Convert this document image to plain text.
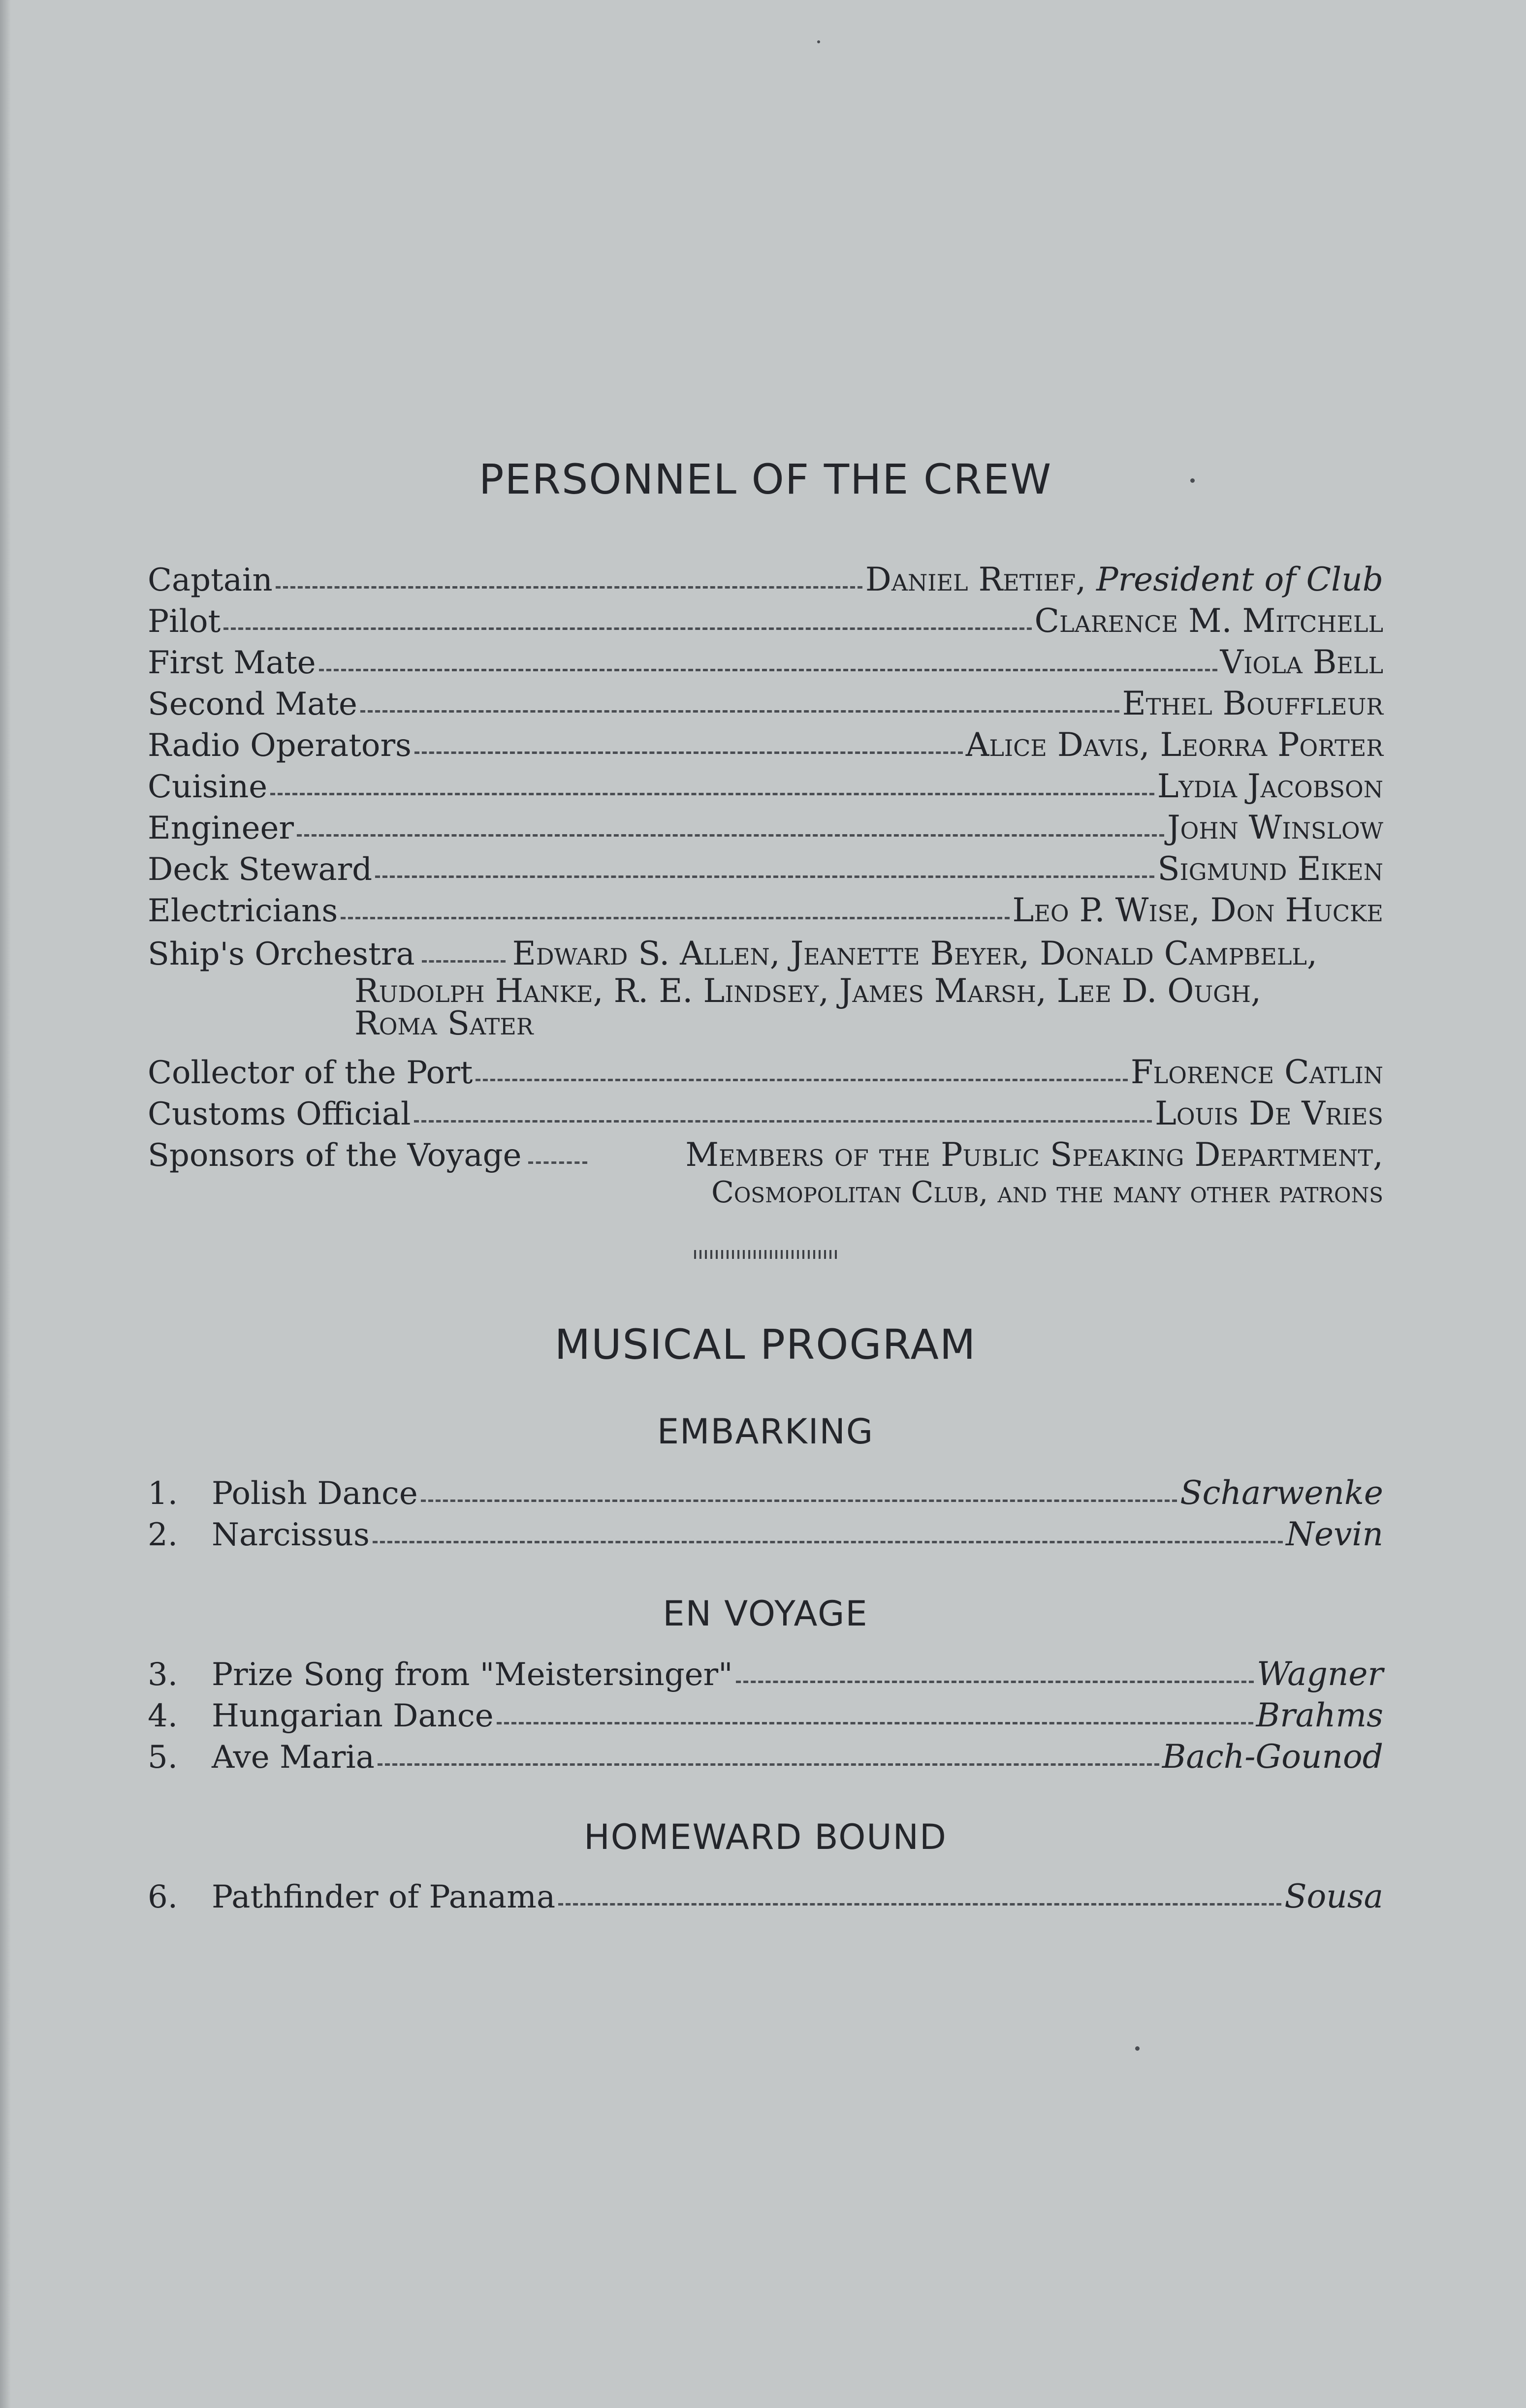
PERSONNEL OF THE CREW
Captain	Daniel Retief, President of Club
Pilot	Clarence M. Mitchell
First Mate	Viola Bell
Second Mate	Ethel Bouffleur
Radio Operators	Alice Davis, Leorra Porter
Cuisine	Lydia Jacobson
Engineer	John Winslow
Deck Steward	Sigmund Eiken
Electricians	Leo P. Wise, Don Hucke
Ship's Orchestra	Edward S. Allen, Jeanette Beyer, Donald Campbell,
Rudolph Hanke, R. E. Lindsey, James Marsh, Lee D. Ough,
Roma Sater
Collector of the Port	Florence Catlin
Customs Official	Louis De Vries
Sponsors of the Voyage	Members of the Public Speaking Department,
Cosmopolitan Club, and the many other patrons
MUSICAL PROGRAM
EMBARKING
1.	Polish Dance	Scharwenke
2.	Narcissus	Nevin
EN VOYAGE
3.	Prize Song from "Meistersinger"	Wagner
4.	Hungarian Dance	Brahms
5.	Ave Maria	Bach-Gounod
HOMEWARD BOUND
6.	Pathfinder of Panama	Sousa
